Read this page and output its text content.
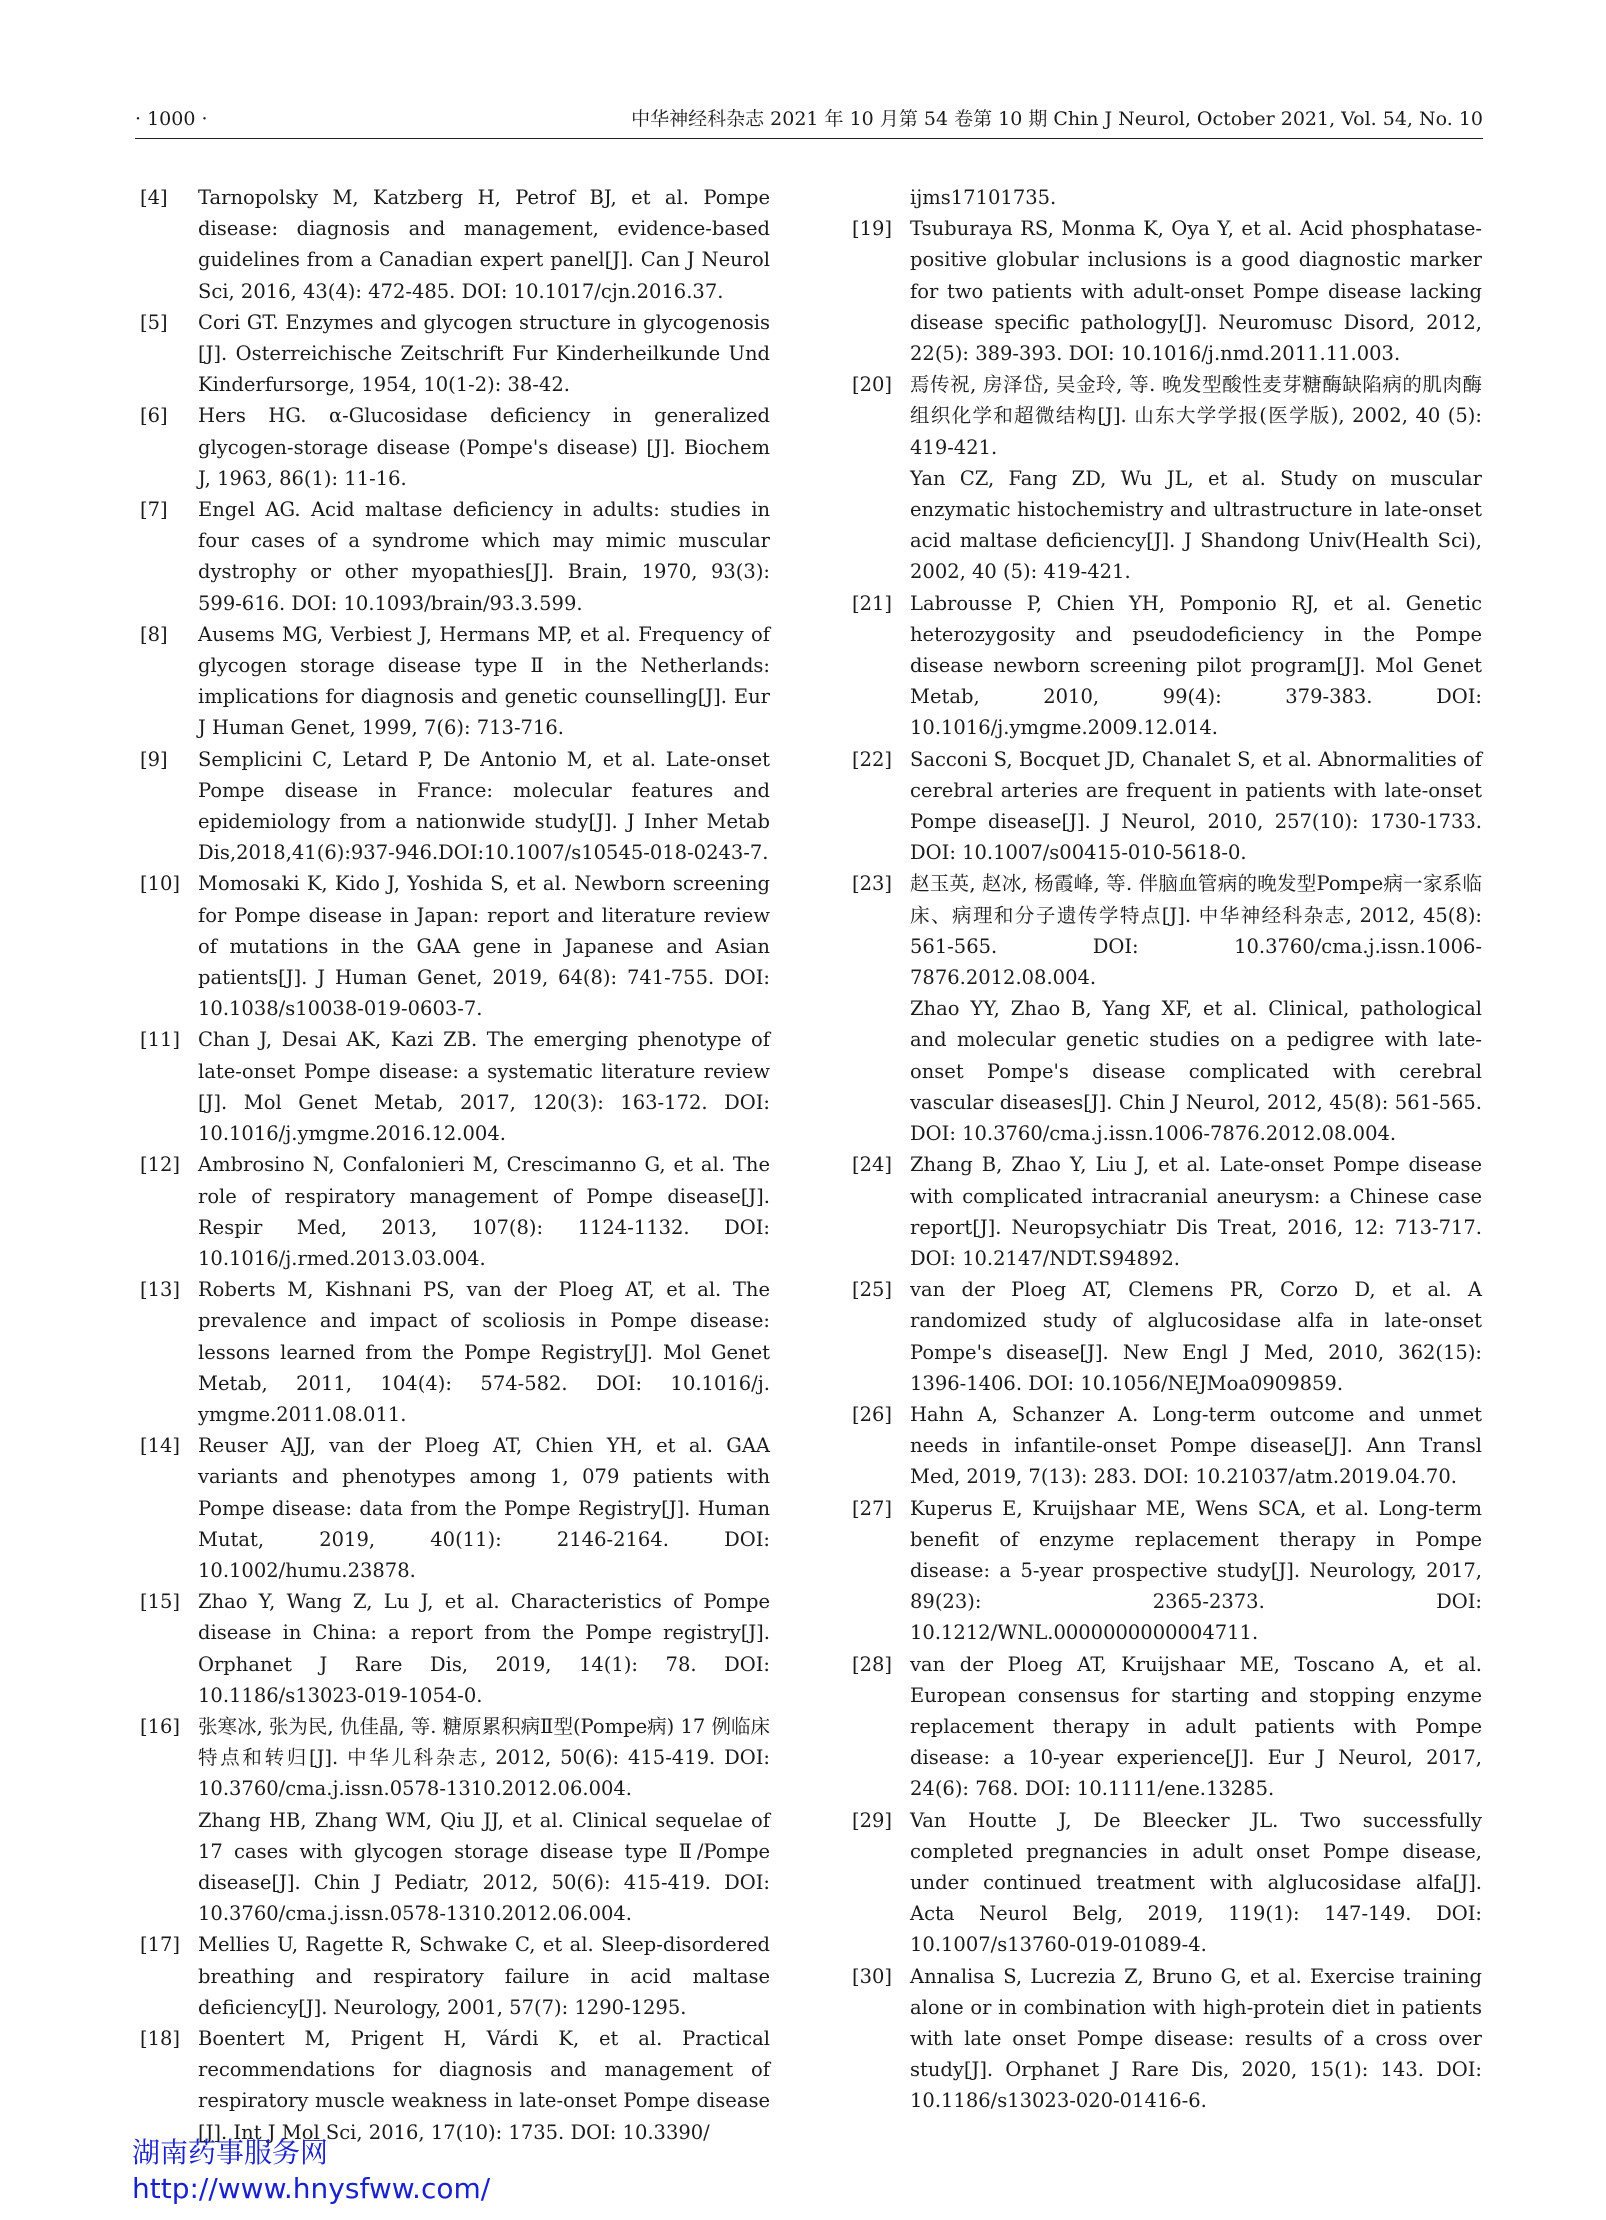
· 1000 ·	中华神经科杂志 2021 年 10 月第 54 卷第 10 期 Chin J Neurol, October 2021, Vol. 54, No. 10
[4]	Tarnopolsky M, Katzberg H, Petrof BJ, et al. Pompe disease: diagnosis and management, evidence-based guidelines from a Canadian expert panel[J]. Can J Neurol Sci, 2016, 43(4): 472-485. DOI: 10.1017/cjn.2016.37.
[5]	Cori GT. Enzymes and glycogen structure in glycogenosis [J]. Osterreichische Zeitschrift Fur Kinderheilkunde Und Kinderfursorge, 1954, 10(1-2): 38-42.
[6]	Hers HG. α-Glucosidase deficiency in generalized glycogen-storage disease (Pompe's disease) [J]. Biochem J, 1963, 86(1): 11-16.
[7]	Engel AG. Acid maltase deficiency in adults: studies in four cases of a syndrome which may mimic muscular dystrophy or other myopathies[J]. Brain, 1970, 93(3): 599-616. DOI: 10.1093/brain/93.3.599.
[8]	Ausems MG, Verbiest J, Hermans MP, et al. Frequency of glycogen storage disease type Ⅱ in the Netherlands: implications for diagnosis and genetic counselling[J]. Eur J Human Genet, 1999, 7(6): 713-716.
[9]	Semplicini C, Letard P, De Antonio M, et al. Late-onset Pompe disease in France: molecular features and epidemiology from a nationwide study[J]. J Inher Metab Dis,2018,41(6):937-946.DOI:10.1007/s10545-018-0243-7.
[10] Momosaki K, Kido J, Yoshida S, et al. Newborn screening for Pompe disease in Japan: report and literature review of mutations in the GAA gene in Japanese and Asian patients[J]. J Human Genet, 2019, 64(8): 741-755. DOI: 10.1038/s10038-019-0603-7.
[11] Chan J, Desai AK, Kazi ZB. The emerging phenotype of late-onset Pompe disease: a systematic literature review [J]. Mol Genet Metab, 2017, 120(3): 163-172. DOI: 10.1016/j.ymgme.2016.12.004.
[12] Ambrosino N, Confalonieri M, Crescimanno G, et al. The role of respiratory management of Pompe disease[J]. Respir Med, 2013, 107(8): 1124-1132. DOI: 10.1016/j.rmed.2013.03.004.
[13] Roberts M, Kishnani PS, van der Ploeg AT, et al. The prevalence and impact of scoliosis in Pompe disease: lessons learned from the Pompe Registry[J]. Mol Genet Metab, 2011, 104(4): 574-582. DOI: 10.1016/j. ymgme.2011.08.011.
[14] Reuser AJJ, van der Ploeg AT, Chien YH, et al. GAA variants and phenotypes among 1, 079 patients with Pompe disease: data from the Pompe Registry[J]. Human Mutat, 2019, 40(11): 2146-2164. DOI: 10.1002/humu.23878.
[15] Zhao Y, Wang Z, Lu J, et al. Characteristics of Pompe disease in China: a report from the Pompe registry[J]. Orphanet J Rare Dis, 2019, 14(1): 78. DOI: 10.1186/s13023-019-1054-0.
[16] 张寒冰, 张为民, 仇佳晶, 等. 糖原累积病Ⅱ型(Pompe病) 17 例临床特点和转归[J]. 中华儿科杂志, 2012, 50(6): 415-419. DOI: 10.3760/cma.j.issn.0578-1310.2012.06.004.
Zhang HB, Zhang WM, Qiu JJ, et al. Clinical sequelae of 17 cases with glycogen storage disease type Ⅱ/Pompe disease[J]. Chin J Pediatr, 2012, 50(6): 415-419. DOI: 10.3760/cma.j.issn.0578-1310.2012.06.004.
[17] Mellies U, Ragette R, Schwake C, et al. Sleep-disordered breathing and respiratory failure in acid maltase deficiency[J]. Neurology, 2001, 57(7): 1290-1295.
[18] Boentert M, Prigent H, Várdi K, et al. Practical recommendations for diagnosis and management of respiratory muscle weakness in late-onset Pompe disease [J]. Int J Mol Sci, 2016, 17(10): 1735. DOI: 10.3390/
ijms17101735.
[19] Tsuburaya RS, Monma K, Oya Y, et al. Acid phosphatase-positive globular inclusions is a good diagnostic marker for two patients with adult-onset Pompe disease lacking disease specific pathology[J]. Neuromusc Disord, 2012, 22(5): 389-393. DOI: 10.1016/j.nmd.2011.11.003.
[20] 焉传祝, 房泽岱, 吴金玲, 等. 晚发型酸性麦芽糖酶缺陷病的肌肉酶组织化学和超微结构[J]. 山东大学学报(医学版), 2002, 40 (5): 419-421.
Yan CZ, Fang ZD, Wu JL, et al. Study on muscular enzymatic histochemistry and ultrastructure in late-onset acid maltase deficiency[J]. J Shandong Univ(Health Sci), 2002, 40 (5): 419-421.
[21] Labrousse P, Chien YH, Pomponio RJ, et al. Genetic heterozygosity and pseudodeficiency in the Pompe disease newborn screening pilot program[J]. Mol Genet Metab, 2010, 99(4): 379-383. DOI: 10.1016/j.ymgme.2009.12.014.
[22] Sacconi S, Bocquet JD, Chanalet S, et al. Abnormalities of cerebral arteries are frequent in patients with late-onset Pompe disease[J]. J Neurol, 2010, 257(10): 1730-1733. DOI: 10.1007/s00415-010-5618-0.
[23] 赵玉英, 赵冰, 杨霞峰, 等. 伴脑血管病的晚发型Pompe病一家系临床、病理和分子遗传学特点[J]. 中华神经科杂志, 2012, 45(8): 561-565. DOI: 10.3760/cma.j.issn.1006-7876.2012.08.004.
Zhao YY, Zhao B, Yang XF, et al. Clinical, pathological and molecular genetic studies on a pedigree with late-onset Pompe's disease complicated with cerebral vascular diseases[J]. Chin J Neurol, 2012, 45(8): 561-565. DOI: 10.3760/cma.j.issn.1006-7876.2012.08.004.
[24] Zhang B, Zhao Y, Liu J, et al. Late-onset Pompe disease with complicated intracranial aneurysm: a Chinese case report[J]. Neuropsychiatr Dis Treat, 2016, 12: 713-717. DOI: 10.2147/NDT.S94892.
[25] van der Ploeg AT, Clemens PR, Corzo D, et al. A randomized study of alglucosidase alfa in late-onset Pompe's disease[J]. New Engl J Med, 2010, 362(15): 1396-1406. DOI: 10.1056/NEJMoa0909859.
[26] Hahn A, Schanzer A. Long-term outcome and unmet needs in infantile-onset Pompe disease[J]. Ann Transl Med, 2019, 7(13): 283. DOI: 10.21037/atm.2019.04.70.
[27] Kuperus E, Kruijshaar ME, Wens SCA, et al. Long-term benefit of enzyme replacement therapy in Pompe disease: a 5-year prospective study[J]. Neurology, 2017, 89(23): 2365-2373. DOI: 10.1212/WNL.0000000000004711.
[28] van der Ploeg AT, Kruijshaar ME, Toscano A, et al. European consensus for starting and stopping enzyme replacement therapy in adult patients with Pompe disease: a 10-year experience[J]. Eur J Neurol, 2017, 24(6): 768. DOI: 10.1111/ene.13285.
[29] Van Houtte J, De Bleecker JL. Two successfully completed pregnancies in adult onset Pompe disease, under continued treatment with alglucosidase alfa[J]. Acta Neurol Belg, 2019, 119(1): 147-149. DOI: 10.1007/s13760-019-01089-4.
[30] Annalisa S, Lucrezia Z, Bruno G, et al. Exercise training alone or in combination with high-protein diet in patients with late onset Pompe disease: results of a cross over study[J]. Orphanet J Rare Dis, 2020, 15(1): 143. DOI: 10.1186/s13023-020-01416-6.
湖南药事服务网
http://www.hnysfww.com/
